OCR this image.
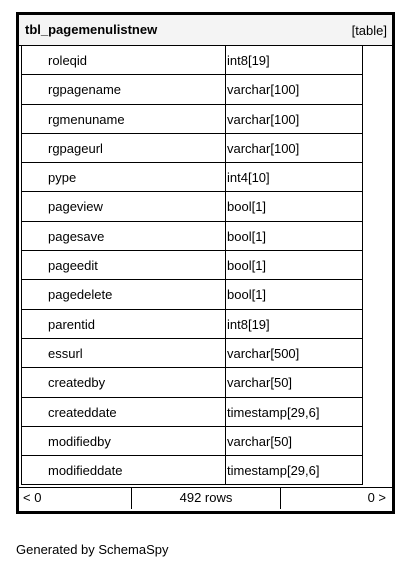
tbl_pagemenulistnew	[table]
roleqid	int8[19]
rgpagename	varchar[100]
rgmenuname	varchar[100]
rgpageurl	varchar[100]
pype	int4[10]
pageview	bool[1]
pagesave	bool[1]
pageedit	bool[1]
pagedelete	bool[1]
parentid	int8[19]
essurl	varchar[500]
createdby	varchar[50]
createddate	timestamp[29,6]
modifiedby	varchar[50]
modifieddate	timestamp[29,6]
< 0	492 rows	0 >
Generated by SchemaSpy
